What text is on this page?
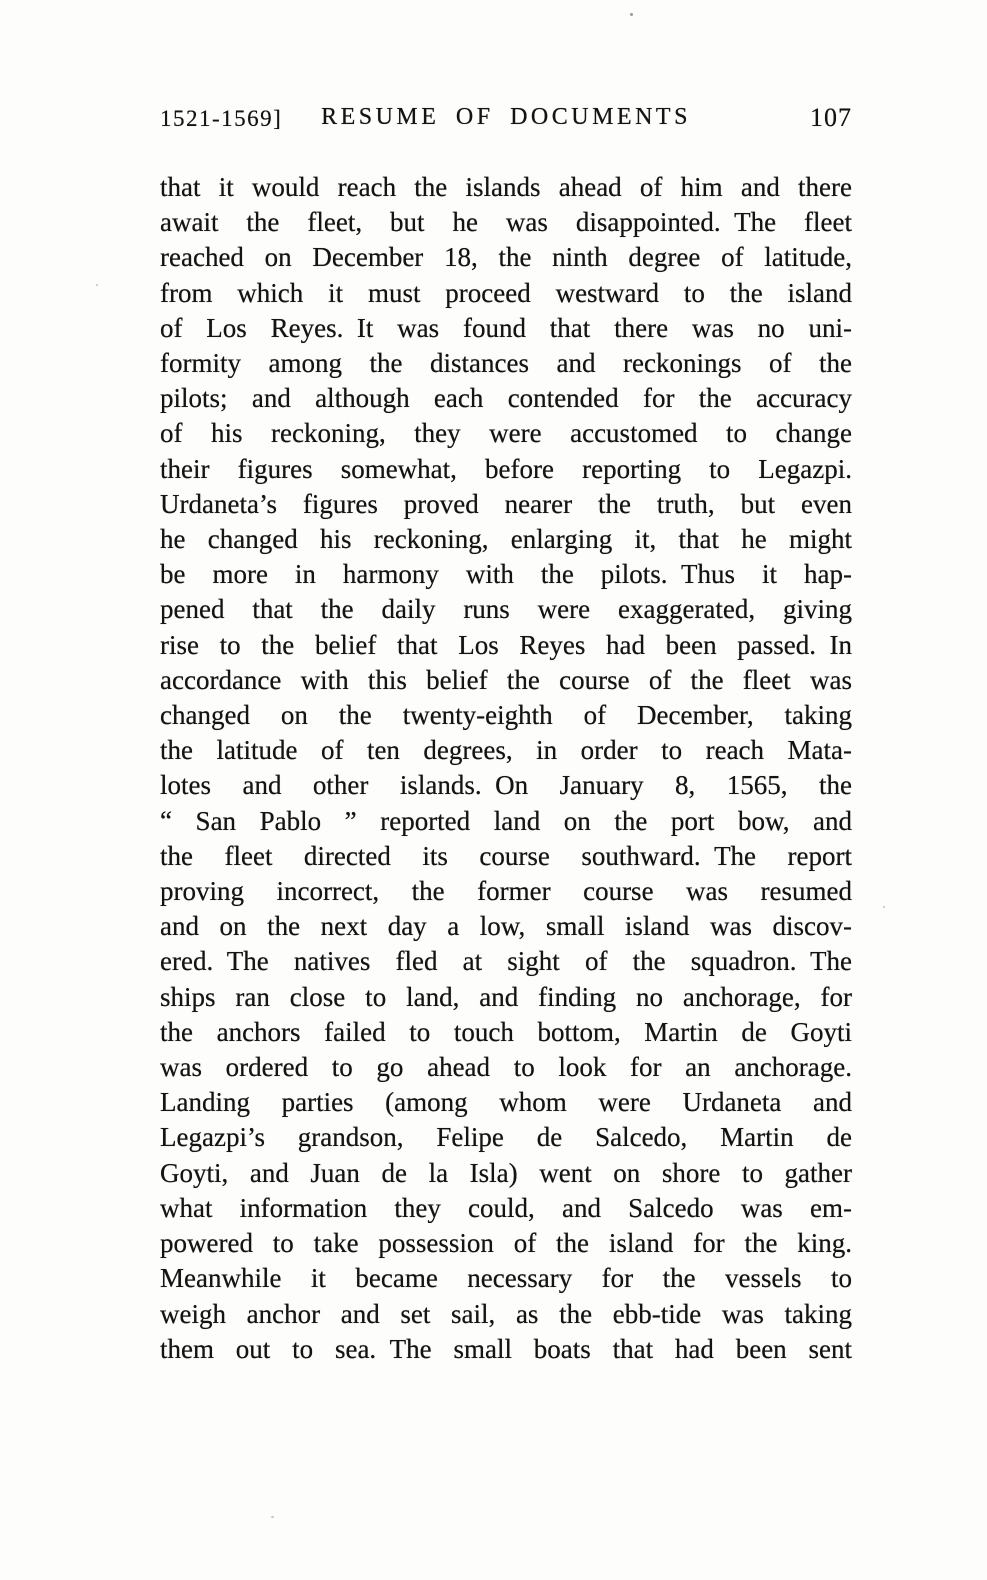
1521-1569] RESUME OF DOCUMENTS	107
that it would reach the islands ahead of him and there
await the fleet, but he was disappointed. The fleet
reached on December 18, the ninth degree of latitude,
from which it must proceed westward to the island
of Los Reyes. It was found that there was no uni-
formity among the distances and reckonings of the
pilots; and although each contended for the accuracy
of his reckoning, they were accustomed to change
their figures somewhat, before reporting to Legazpi.
Urdaneta’s figures proved nearer the truth, but even
he changed his reckoning, enlarging it, that he might
be more in harmony with the pilots. Thus it hap-
pened that the daily runs were exaggerated, giving
rise to the belief that Los Reyes had been passed. In
accordance with this belief the course of the fleet was
changed on the twenty-eighth of December, taking
the latitude of ten degrees, in order to reach Mata-
lotes and other islands. On January 8, 1565, the
“ San Pablo ” reported land on the port bow, and
the fleet directed its course southward. The report
proving incorrect, the former course was resumed
and on the next day a low, small island was discov-
ered. The natives fled at sight of the squadron. The
ships ran close to land, and finding no anchorage, for
the anchors failed to touch bottom, Martin de Goyti
was ordered to go ahead to look for an anchorage.
Landing parties (among whom were Urdaneta and
Legazpi’s grandson, Felipe de Salcedo, Martin de
Goyti, and Juan de la Isla) went on shore to gather
what information they could, and Salcedo was em-
powered to take possession of the island for the king.
Meanwhile it became necessary for the vessels to
weigh anchor and set sail, as the ebb-tide was taking
them out to sea. The small boats that had been sent
